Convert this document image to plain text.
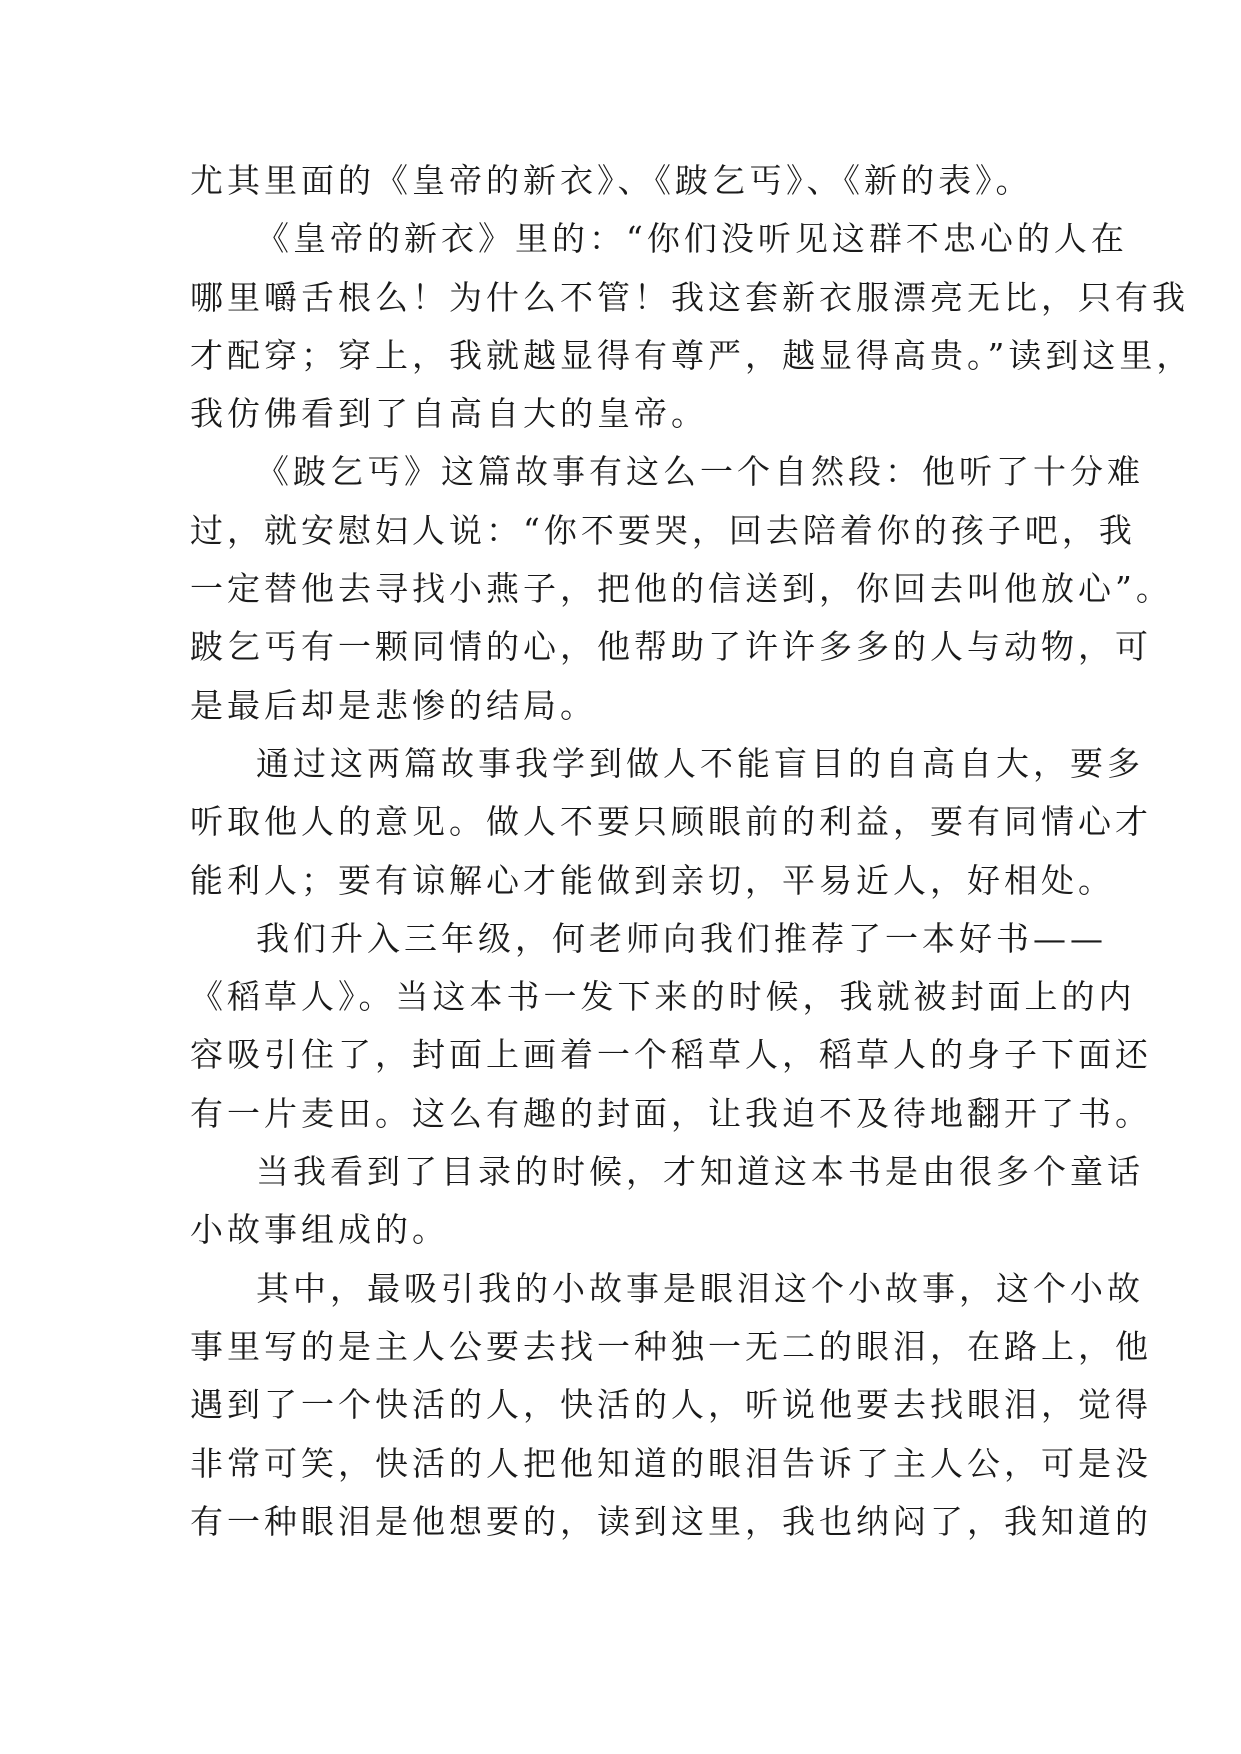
尤其里面的《皇帝的新衣》、《跛乞丐》、《新的表》。
《皇帝的新衣》里的：“你们没听见这群不忠心的人在
哪里嚼舌根么！为什么不管！我这套新衣服漂亮无比，只有我
才配穿；穿上，我就越显得有尊严，越显得高贵。”读到这里，
我仿佛看到了自高自大的皇帝。
《跛乞丐》这篇故事有这么一个自然段：他听了十分难
过，就安慰妇人说：“你不要哭，回去陪着你的孩子吧，我
一定替他去寻找小燕子，把他的信送到，你回去叫他放心”。
跛乞丐有一颗同情的心，他帮助了许许多多的人与动物，可
是最后却是悲惨的结局。
通过这两篇故事我学到做人不能盲目的自高自大，要多
听取他人的意见。做人不要只顾眼前的利益，要有同情心才
能利人；要有谅解心才能做到亲切，平易近人，好相处。
我们升入三年级，何老师向我们推荐了一本好书——
《稻草人》。当这本书一发下来的时候，我就被封面上的内
容吸引住了，封面上画着一个稻草人，稻草人的身子下面还
有一片麦田。这么有趣的封面，让我迫不及待地翻开了书。
当我看到了目录的时候，才知道这本书是由很多个童话
小故事组成的。
其中，最吸引我的小故事是眼泪这个小故事，这个小故
事里写的是主人公要去找一种独一无二的眼泪，在路上，他
遇到了一个快活的人，快活的人，听说他要去找眼泪，觉得
非常可笑，快活的人把他知道的眼泪告诉了主人公，可是没
有一种眼泪是他想要的，读到这里，我也纳闷了，我知道的
